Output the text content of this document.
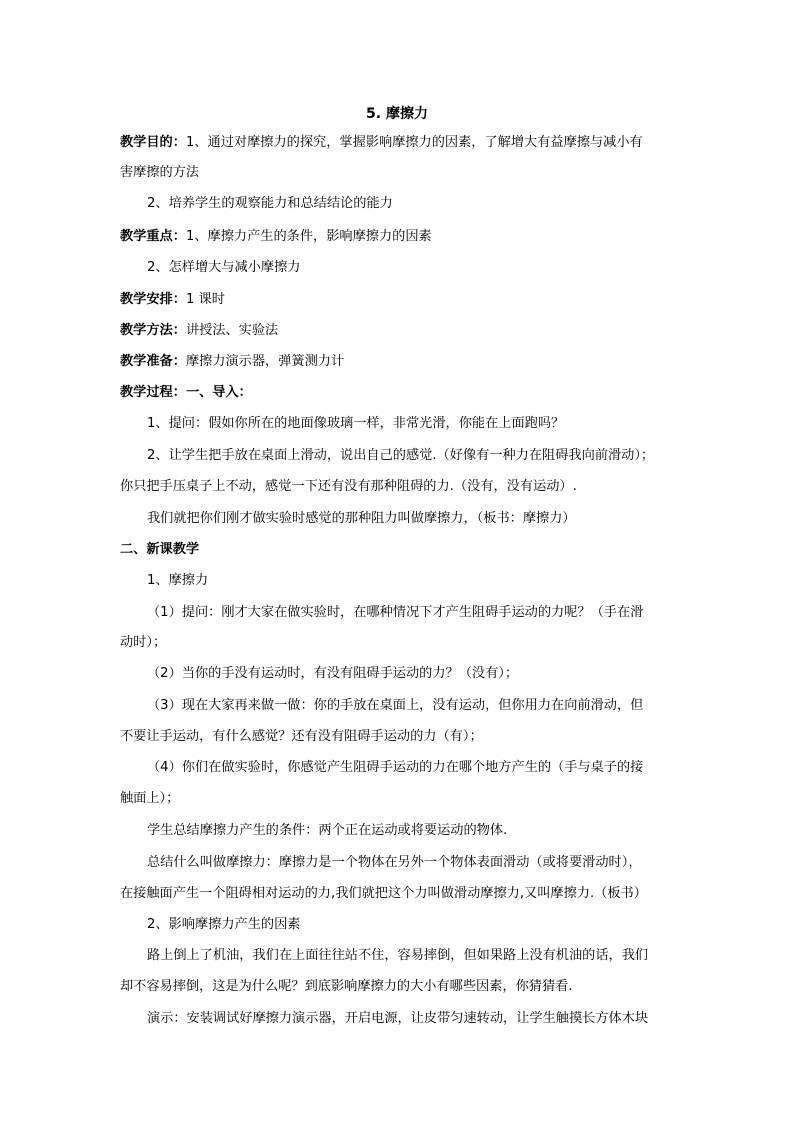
5. 摩擦力
教学目的：1、通过对摩擦力的探究，掌握影响摩擦力的因素，了解增大有益摩擦与减小有
害摩擦的方法
2、培养学生的观察能力和总结结论的能力
教学重点：1、摩擦力产生的条件，影响摩擦力的因素
2、怎样增大与减小摩擦力
教学安排：1 课时
教学方法：讲授法、实验法
教学准备：摩擦力演示器，弹簧测力计
教学过程：一、导入：
1、提问：假如你所在的地面像玻璃一样，非常光滑，你能在上面跑吗？
2、让学生把手放在桌面上滑动，说出自己的感觉.（好像有一种力在阻碍我向前滑动）；
你只把手压桌子上不动，感觉一下还有没有那种阻碍的力.（没有，没有运动）.
我们就把你们刚才做实验时感觉的那种阻力叫做摩擦力，（板书：摩擦力）
二、新课教学
1、摩擦力
（1）提问：刚才大家在做实验时，在哪种情况下才产生阻碍手运动的力呢？（手在滑
动时）；
（2）当你的手没有运动时，有没有阻碍手运动的力？（没有）；
（3）现在大家再来做一做：你的手放在桌面上，没有运动，但你用力在向前滑动，但
不要让手运动，有什么感觉？还有没有阻碍手运动的力（有）；
（4）你们在做实验时，你感觉产生阻碍手运动的力在哪个地方产生的（手与桌子的接
触面上）；
学生总结摩擦力产生的条件：两个正在运动或将要运动的物体.
总结什么叫做摩擦力：摩擦力是一个物体在另外一个物体表面滑动（或将要滑动时），
在接触面产生一个阻碍相对运动的力,我们就把这个力叫做滑动摩擦力,又叫摩擦力.（板书）
2、影响摩擦力产生的因素
路上倒上了机油，我们在上面往往站不住，容易摔倒，但如果路上没有机油的话，我们
却不容易摔倒，这是为什么呢？到底影响摩擦力的大小有哪些因素，你猜猜看.
演示：安装调试好摩擦力演示器，开启电源，让皮带匀速转动，让学生触摸长方体木块
